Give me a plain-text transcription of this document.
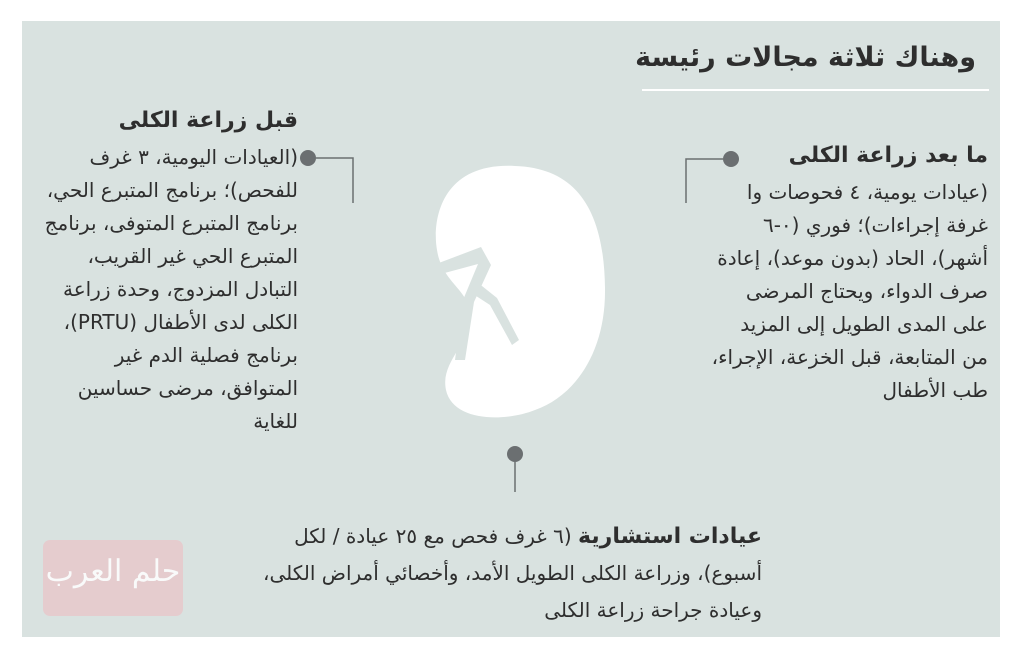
وهناك ثلاثة مجالات رئيسة
قبل زراعة الكلى

(العيادات اليومية، ٣ غرف للفحص)؛ برنامج المتبرع الحي، برنامج المتبرع المتوفى، برنامج المتبرع الحي غير القريب، التبادل المزدوج، وحدة زراعة الكلى لدى الأطفال (PRTU)، برنامج فصلية الدم غير المتوافق، مرضى حساسين للغاية

ما بعد زراعة الكلى

(عيادات يومية، ٤ فحوصات وا غرفة إجراءات)؛ فوري (٠-٦ أشهر)، الحاد (بدون موعد)، إعادة صرف الدواء، ويحتاج المرضى على المدى الطويل إلى المزيد من المتابعة، قبل الخزعة، الإجراء، طب الأطفال

عيادات استشارية (٦ غرف فحص مع ٢٥ عيادة / لكل أسبوع)، وزراعة الكلى الطويل الأمد، وأخصائي أمراض الكلى، وعيادة جراحة زراعة الكلى

حلم العرب
